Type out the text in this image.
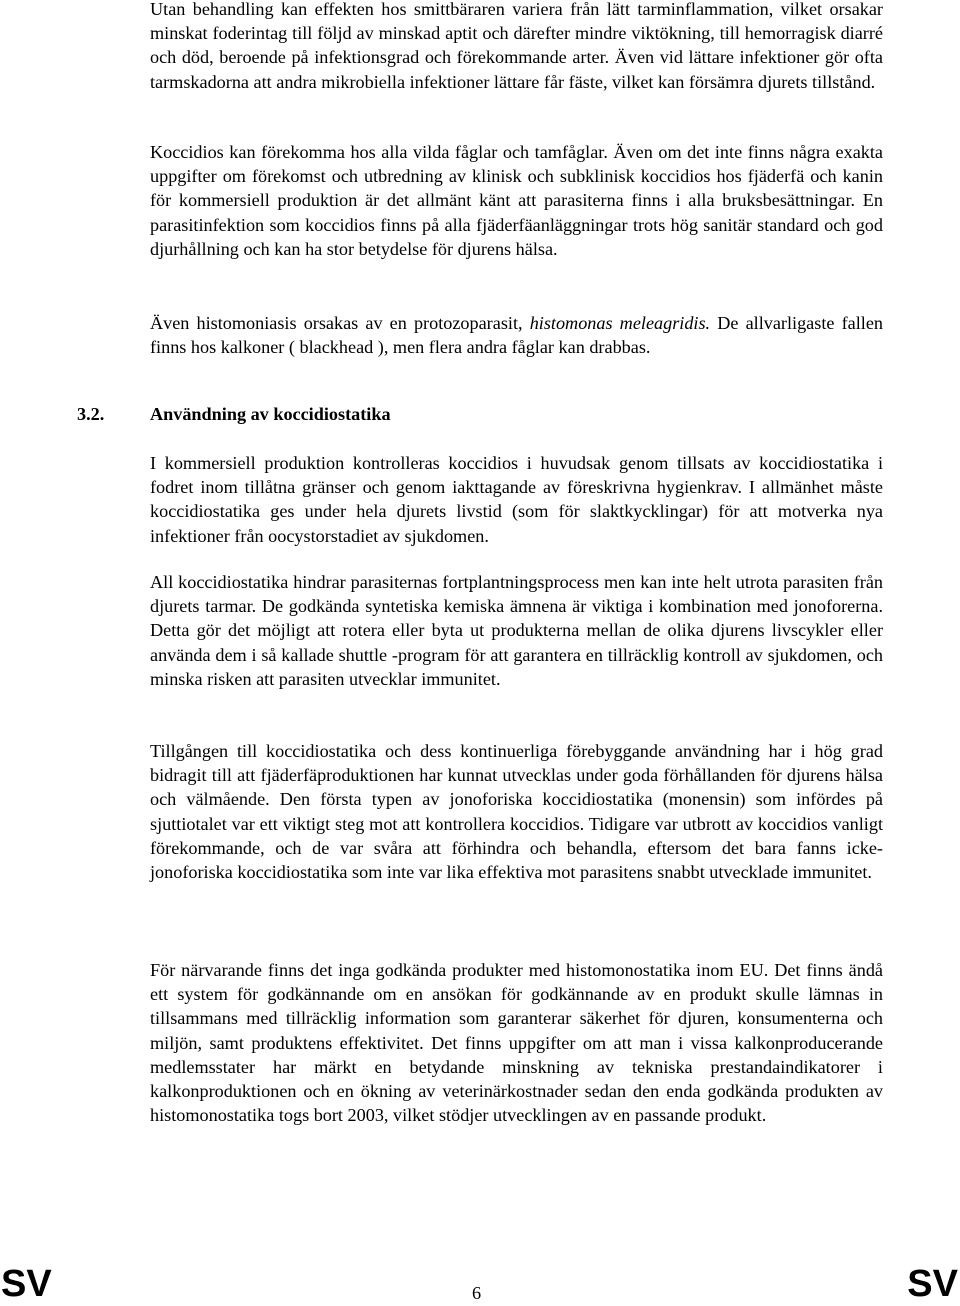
Utan behandling kan effekten hos smittbäraren variera från lätt tarminflammation, vilket orsakar minskat foderintag till följd av minskad aptit och därefter mindre viktökning, till hemorragisk diarré och död, beroende på infektionsgrad och förekommande arter. Även vid lättare infektioner gör ofta tarmskadorna att andra mikrobiella infektioner lättare får fäste, vilket kan försämra djurets tillstånd.

Koccidios kan förekomma hos alla vilda fåglar och tamfåglar. Även om det inte finns några exakta uppgifter om förekomst och utbredning av klinisk och subklinisk koccidios hos fjäderfä och kanin för kommersiell produktion är det allmänt känt att parasiterna finns i alla bruksbesättningar. En parasitinfektion som koccidios finns på alla fjäderfäanläggningar trots hög sanitär standard och god djurhållning och kan ha stor betydelse för djurens hälsa.

Även histomoniasis orsakas av en protozoparasit, histomonas meleagridis. De allvarligaste fallen finns hos kalkoner ( blackhead ), men flera andra fåglar kan drabbas.

I kommersiell produktion kontrolleras koccidios i huvudsak genom tillsats av koccidiostatika i fodret inom tillåtna gränser och genom iakttagande av föreskrivna hygienkrav. I allmänhet måste koccidiostatika ges under hela djurets livstid (som för slaktkycklingar) för att motverka nya infektioner från oocystorstadiet av sjukdomen.

All koccidiostatika hindrar parasiternas fortplantningsprocess men kan inte helt utrota parasiten från djurets tarmar. De godkända syntetiska kemiska ämnena är viktiga i kombination med jonoforerna. Detta gör det möjligt att rotera eller byta ut produkterna mellan de olika djurens livscykler eller använda dem i så kallade shuttle -program för att garantera en tillräcklig kontroll av sjukdomen, och minska risken att parasiten utvecklar immunitet.

Tillgången till koccidiostatika och dess kontinuerliga förebyggande användning har i hög grad bidragit till att fjäderfäproduktionen har kunnat utvecklas under goda förhållanden för djurens hälsa och välmående. Den första typen av jonoforiska koccidiostatika (monensin) som infördes på sjuttiotalet var ett viktigt steg mot att kontrollera koccidios. Tidigare var utbrott av koccidios vanligt förekommande, och de var svåra att förhindra och behandla, eftersom det bara fanns icke-jonoforiska koccidiostatika som inte var lika effektiva mot parasitens snabbt utvecklade immunitet.

För närvarande finns det inga godkända produkter med histomonostatika inom EU. Det finns ändå ett system för godkännande om en ansökan för godkännande av en produkt skulle lämnas in tillsammans med tillräcklig information som garanterar säkerhet för djuren, konsumenterna och miljön, samt produktens effektivitet. Det finns uppgifter om att man i vissa kalkonproducerande medlemsstater har märkt en betydande minskning av tekniska prestandaindikatorer i kalkonproduktionen och en ökning av veterinärkostnader sedan den enda godkända produkten av histomonostatika togs bort 2003, vilket stödjer utvecklingen av en passande produkt.

3.2.	Användning av koccidiostatika
SV	6	SV
